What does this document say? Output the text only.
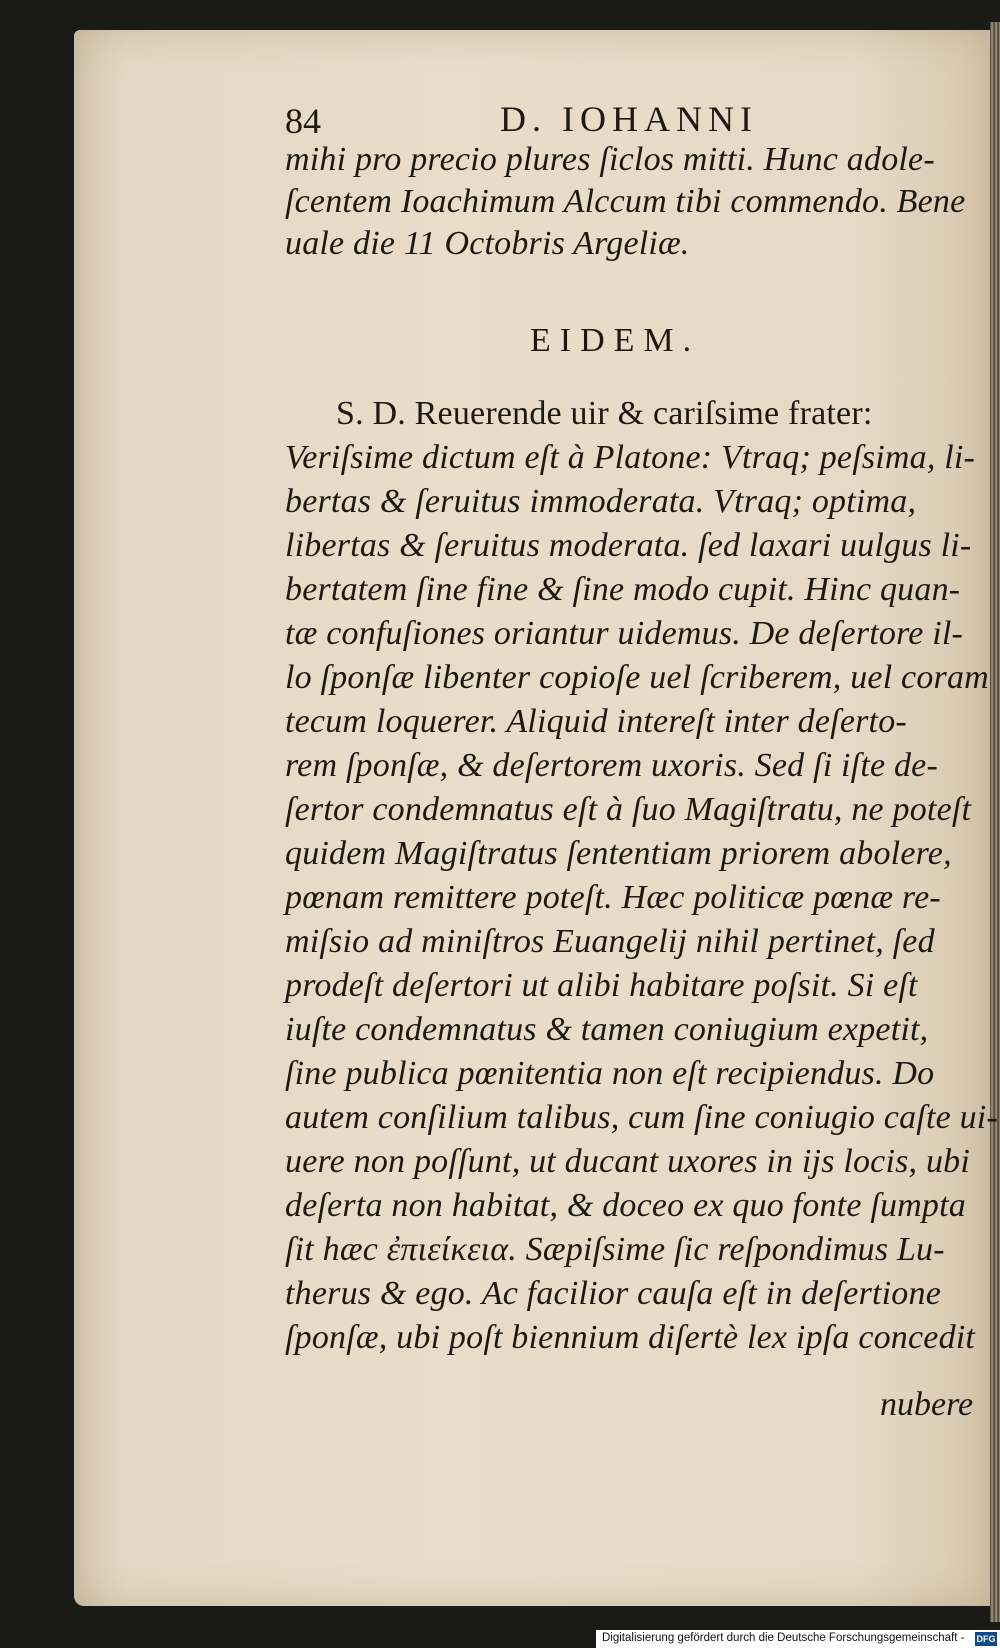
84	D. IOHANNI
mihi pro precio plures ſiclos mitti. Hunc adole-
ſcentem Ioachimum Alccum tibi commendo. Bene
uale die 11 Octobris Argeliæ.
EIDEM.
S. D. Reuerende uir & cariſsime frater:
Veriſsime dictum eſt à Platone: Vtraq; peſsima, li-
bertas & ſeruitus immoderata. Vtraq; optima,
libertas & ſeruitus moderata. ſed laxari uulgus li-
bertatem ſine fine & ſine modo cupit. Hinc quan-
tæ confuſiones oriantur uidemus. De deſertore il-
lo ſponſæ libenter copioſe uel ſcriberem, uel coram
tecum loquerer. Aliquid intereſt inter deſerto-
rem ſponſæ, & deſertorem uxoris. Sed ſi iſte de-
ſertor condemnatus eſt à ſuo Magiſtratu, ne poteſt
quidem Magiſtratus ſententiam priorem abolere,
pœnam remittere poteſt. Hæc politicæ pœnæ re-
miſsio ad miniſtros Euangelij nihil pertinet, ſed
prodeſt deſertori ut alibi habitare poſsit. Si eſt
iuſte condemnatus & tamen coniugium expetit,
ſine publica pœnitentia non eſt recipiendus. Do
autem conſilium talibus, cum ſine coniugio caſte ui-
uere non poſſunt, ut ducant uxores in ijs locis, ubi
deſerta non habitat, & doceo ex quo fonte ſumpta
ſit hæc ἐπιείκεια. Sæpiſsime ſic reſpondimus Lu-
therus & ego. Ac facilior cauſa eſt in deſertione
ſponſæ, ubi poſt biennium diſertè lex ipſa concedit
nubere
Digitalisierung gefördert durch die Deutsche Forschungsgemeinschaft - DFG
